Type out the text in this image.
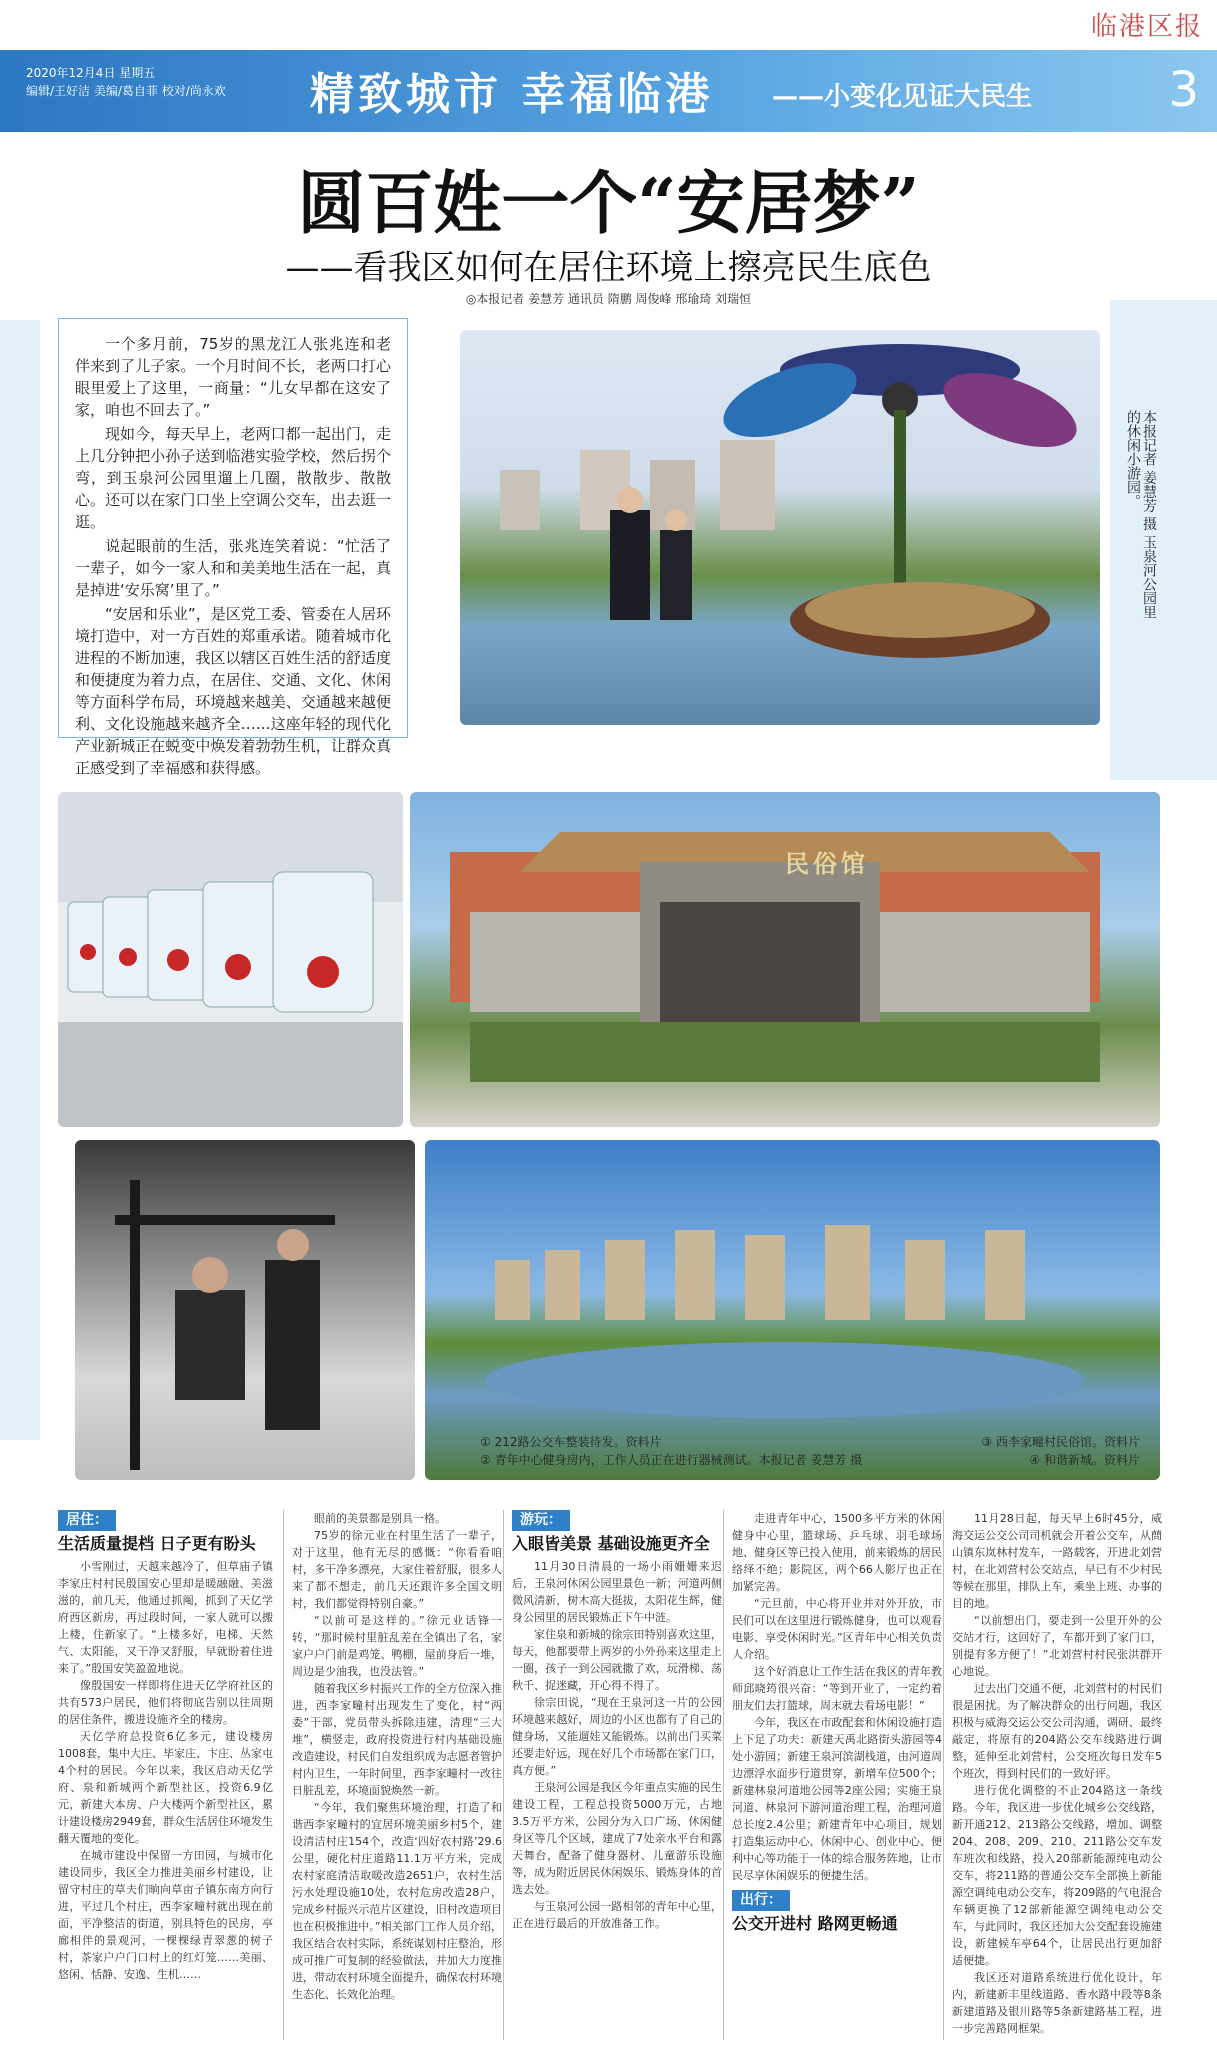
临港区报
2020年12月4日 星期五
编辑/王好洁 美编/葛自菲 校对/尚永欢 精致城市 幸福临港 ——小变化见证大民生	3
圆百姓一个“安居梦”
——看我区如何在居住环境上擦亮民生底色
◎本报记者 姜慧芳 通讯员 隋鹏 周俊峰 邢瑜琦 刘瑞恒

一个多月前，75岁的黑龙江人张兆连和老伴来到了儿子家。一个月时间不长，老两口打心眼里爱上了这里，一商量：“儿女早都在这安了家，咱也不回去了。”

现如今，每天早上，老两口都一起出门，走上几分钟把小孙子送到临港实验学校，然后拐个弯，到玉泉河公园里遛上几圈，散散步、散散心。还可以在家门口坐上空调公交车，出去逛一逛。

说起眼前的生活，张兆连笑着说：“忙活了一辈子，如今一家人和和美美地生活在一起，真是掉进‘安乐窝’里了。”

“安居和乐业”，是区党工委、管委在人居环境打造中，对一方百姓的郑重承诺。随着城市化进程的不断加速，我区以辖区百姓生活的舒适度和便捷度为着力点，在居住、交通、文化、休闲等方面科学布局，环境越来越美、交通越来越便利、文化设施越来越齐全……这座年轻的现代化产业新城正在蜕变中焕发着勃勃生机，让群众真正感受到了幸福感和获得感。

本报记者 姜慧芳 摄 玉泉河公园里的休闲小游园。
民俗馆
① 212路公交车整装待发。资料片	③ 西李家疃村民俗馆。资料片
② 青年中心健身房内，工作人员正在进行器械测试。本报记者 姜慧芳 摄	④ 和谐新城。资料片
居住：
生活质量提档 日子更有盼头

小雪刚过，天越来越冷了，但草庙子镇李家庄村村民殷国安心里却是暖融融、美滋滋的，前几天，他通过抓阄，抓到了天亿学府西区新房，再过段时间，一家人就可以搬上楼，住新家了。“上楼多好，电梯、天然气、太阳能，又干净又舒服，早就盼着住进来了。”殷国安笑盈盈地说。

像殷国安一样即将住进天亿学府社区的共有573户居民，他们将彻底告别以往周期的居住条件，搬进设施齐全的楼房。

天亿学府总投资6亿多元，建设楼房1008套，集中大庄、毕家庄、卞庄、丛家屯4个村的居民。今年以来，我区启动天亿学府、泉和新城两个新型社区，投资6.9亿元，新建大本房、户大楼两个新型社区，累计建设楼房2949套，群众生活居住环境发生翻天覆地的变化。

在城市建设中保留一方田园，与城市化建设同步，我区全力推进美丽乡村建设，让留守村庄的草夫们晌向草亩子镇东南方向行进，平过几个村庄，西李家疃村就出现在前面，平净整洁的街道，别具特色的民房，亭廊相伴的景观河，一棵棵绿青翠葱的树子村，茶家户户门口村上的红灯笼……美丽、悠闲、恬静、安逸、生机……

眼前的美景都是别具一格。

75岁的徐元业在村里生活了一辈子，对于这里，他有无尽的感慨：“你看看咱村，多干净多漂亮，大家住着舒服，很多人来了都不想走，前几天还跟许多全国文明村，我们都觉得特别自豪。”

“以前可是这样的。”徐元业话锋一转，“那时候村里脏乱差在全镇出了名，家家户户门前是鸡笼、鸭棚，屋前身后一堆，周边是少油我，也没法管。”

随着我区乡村振兴工作的全方位深入推进，西李家疃村出现发生了变化，村“两委”干部，党员带头拆除违建，清理“三大堆”，横竖走，政府投资进行村内基础设施改造建设，村民们自发组织成为志愿者管护村内卫生，一年时间里，西李家疃村一改往日脏乱差，环境面貌焕然一新。

“今年，我们聚焦环境治理，打造了和谐西李家疃村的宜居环境美丽乡村5个，建设清洁村庄154个，改造‘四好农村路’29.6公里，硬化村庄道路11.1万平方米，完成农村家庭清洁取暖改造2651户，农村生活污水处理设施10处，农村危房改造28户，完成乡村振兴示范片区建设，旧村改造项目也在积极推进中。”相关部门工作人员介绍，我区结合农村实际，系统谋划村庄整治，形成可推广可复制的经验做法，并加大力度推进，带动农村环境全面提升，确保农村环境生态化、长效化治理。

游玩：
入眼皆美景 基础设施更齐全

11月30日清晨的一场小雨姗姗来迟后，王泉河休闲公园里景色一新；河道两侧微风清新，树木高大挺拔，太阳花生辉，健身公园里的居民锻炼正下午中涟。

家住泉和新城的徐宗田特别喜欢这里，每天，他都要带上两岁的小外孙来这里走上一圈，孩子一到公园就撒了欢，玩滑梯、荡秋千、捉迷藏，开心得不得了。

徐宗田说，“现在王泉河这一片的公园环境越来越好，周边的小区也都有了自己的健身场，又能遛娃又能锻炼。以前出门买菜还要走好远，现在好几个市场都在家门口，真方便。”

王泉河公园是我区今年重点实施的民生建设工程，工程总投资5000万元，占地3.5万平方米，公园分为入口广场、休闲健身区等几个区域，建成了7处亲水平台和露天舞台，配备了健身器材、儿童游乐设施等，成为附近居民休闲娱乐、锻炼身体的首选去处。

与王泉河公园一路相邻的青年中心里，正在进行最后的开放准备工作。

走进青年中心，1500多平方米的休闲健身中心里，篮球场、乒乓球、羽毛球场地、健身区等已投入使用，前来锻炼的居民络绎不绝；影院区，两个66人影厅也正在加紧完善。

“元旦前，中心将开业并对外开放，市民们可以在这里进行锻炼健身，也可以观看电影、享受休闲时光。”区青年中心相关负责人介绍。

这个好消息让工作生活在我区的青年教师邱晓筠很兴奋：“等到开业了，一定约着朋友们去打篮球，周末就去看场电影！”

今年，我区在市政配套和休闲设施打造上下足了功夫：新建天禹北路街头游园等4处小游园；新建王泉河滨湖栈道，由河道周边漂浮水面步行道贯穿，新增车位500个；新建林泉河道地公园等2座公园；实施王泉河道、林泉河下游河道治理工程，治理河道总长度2.4公里；新建青年中心项目，规划打造集运动中心、休闲中心、创业中心、便利中心等功能于一体的综合服务阵地，让市民尽享休闲娱乐的便捷生活。

出行：
公交开进村 路网更畅通

11月28日起，每天早上6时45分，威海交运公交公司司机就会开着公交车，从蔄山镇东岚林村发车，一路载客，开进北刘营村，在北刘营村公交站点，早已有不少村民等候在那里，排队上车，乘坐上班、办事的目的地。

“以前想出门，要走到一公里开外的公交站才行，这回好了，车都开到了家门口，别提有多方便了！”北刘营村村民张洪群开心地说。

过去出门交通不便，北刘营村的村民们很是困扰。为了解决群众的出行问题，我区积极与威海交运公交公司沟通，调研、最终敲定，将原有的204路公交车线路进行调整，延伸至北刘营村，公交班次每日发车5个班次，得到村民们的一致好评。

进行优化调整的不止204路这一条线路。今年，我区进一步优化城乡公交线路，新开通212、213路公交线路，增加、调整204、208、209、210、211路公交车发车班次和线路，投入20部新能源纯电动公交车，将211路的普通公交车全部换上新能源空调纯电动公交车，将209路的气电混合车辆更换了12部新能源空调纯电动公交车，与此同时，我区还加大公交配套设施建设，新建候车亭64个，让居民出行更加舒适便捷。

我区还对道路系统进行优化设计，年内，新建新丰里线道路、香水路中段等8条新建道路及银川路等5条新建路基工程，进一步完善路网框架。
